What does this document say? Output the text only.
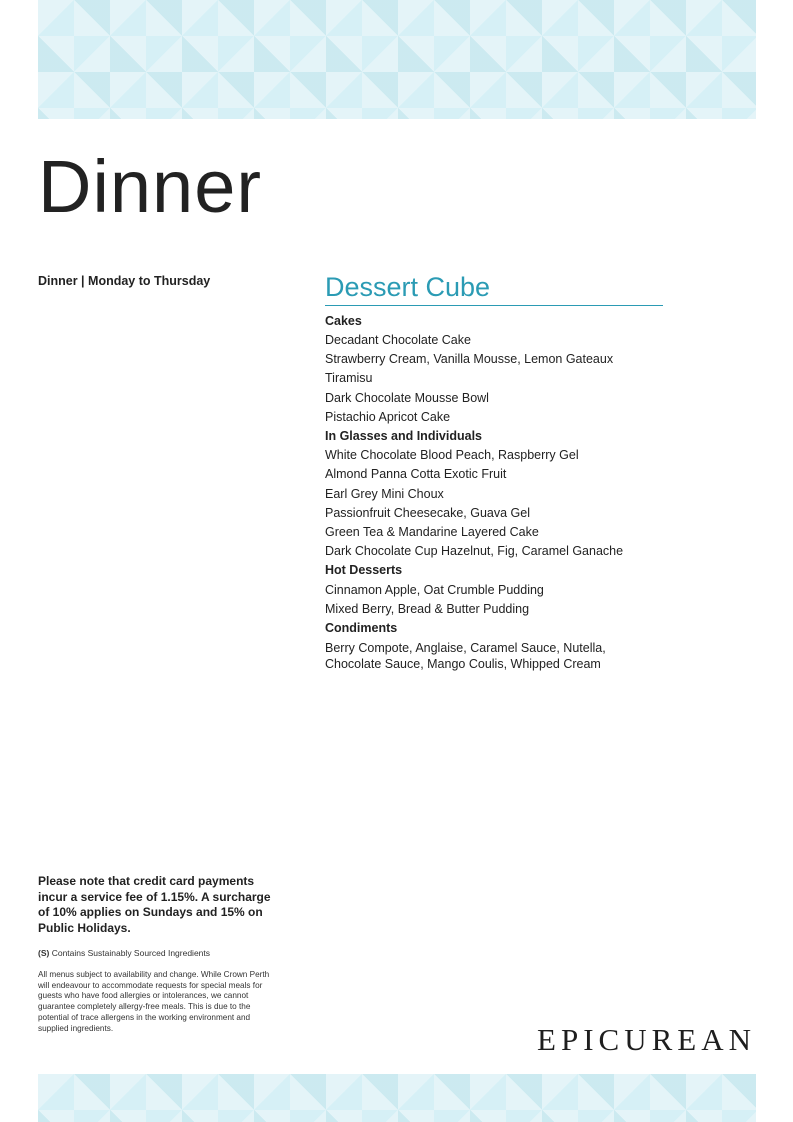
Dinner
Dinner | Monday to Thursday	Dessert Cube
Cakes
Decadant Chocolate Cake
Strawberry Cream, Vanilla Mousse, Lemon Gateaux
Tiramisu
Dark Chocolate Mousse Bowl
Pistachio Apricot Cake
In Glasses and Individuals
White Chocolate Blood Peach, Raspberry Gel
Almond Panna Cotta Exotic Fruit
Earl Grey Mini Choux
Passionfruit Cheesecake, Guava Gel
Green Tea & Mandarine Layered Cake
Dark Chocolate Cup Hazelnut, Fig, Caramel Ganache
Hot Desserts
Cinnamon Apple, Oat Crumble Pudding
Mixed Berry, Bread & Butter Pudding
Condiments
Berry Compote, Anglaise, Caramel Sauce, Nutella, Chocolate Sauce, Mango Coulis, Whipped Cream
Please note that credit card payments incur a service fee of 1.15%. A surcharge of 10% applies on Sundays and 15% on Public Holidays.
(S) Contains Sustainably Sourced Ingredients
All menus subject to availability and change. While Crown Perth will endeavour to accommodate requests for special meals for guests who have food allergies or intolerances, we cannot guarantee completely allergy-free meals. This is due to the potential of trace allergens in the working environment and supplied ingredients.	EPICUREAN
